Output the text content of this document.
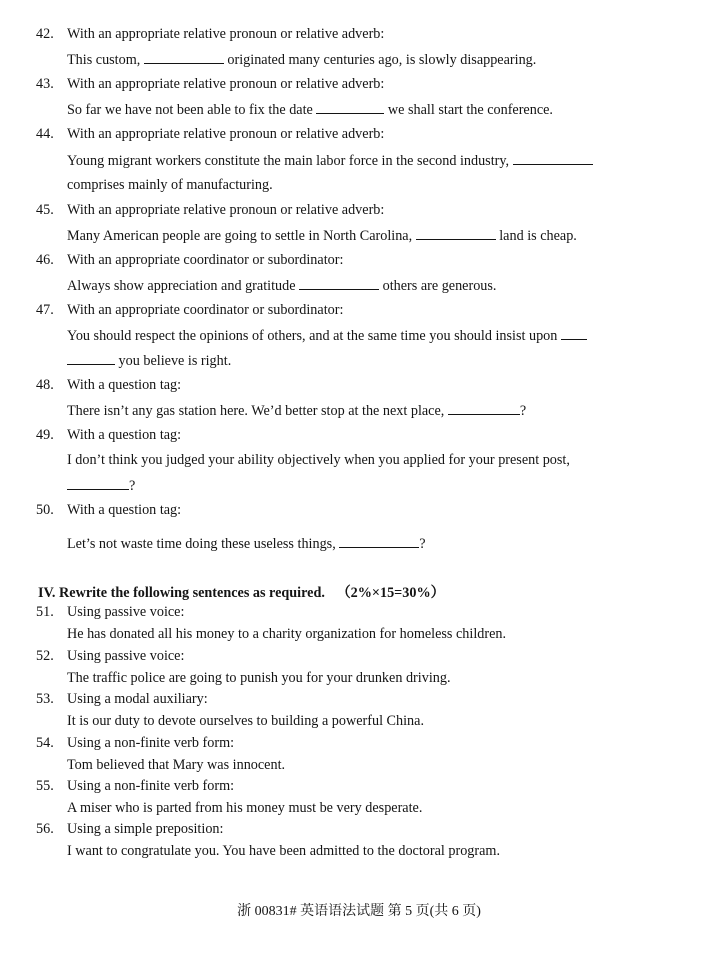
42. With an appropriate relative pronoun or relative adverb:
This custom,	originated many centuries ago, is slowly disappearing.
43. With an appropriate relative pronoun or relative adverb:
So far we have not been able to fix the date	we shall start the conference.
44. With an appropriate relative pronoun or relative adverb:
Young migrant workers constitute the main labor force in the second industry,
comprises mainly of manufacturing.
45. With an appropriate relative pronoun or relative adverb:
Many American people are going to settle in North Carolina,	land is cheap.
46. With an appropriate coordinator or subordinator:
Always show appreciation and gratitude	others are generous.
47. With an appropriate coordinator or subordinator:
You should respect the opinions of others, and at the same time you should insist upon
you believe is right.
48. With a question tag:
There isn’t any gas station here. We’d better stop at the next place,	?
49. With a question tag:
I don’t think you judged your ability objectively when you applied for your present post,
?
50. With a question tag:
Let’s not waste time doing these useless things,	?
IV. Rewrite the following sentences as required. （2%×15=30%）
51. Using passive voice:
He has donated all his money to a charity organization for homeless children.
52. Using passive voice:
The traffic police are going to punish you for your drunken driving.
53. Using a modal auxiliary:
It is our duty to devote ourselves to building a powerful China.
54. Using a non-finite verb form:
Tom believed that Mary was innocent.
55. Using a non-finite verb form:
A miser who is parted from his money must be very desperate.
56. Using a simple preposition:
I want to congratulate you. You have been admitted to the doctoral program.
浙 00831# 英语语法试题 第 5 页(共 6 页)
